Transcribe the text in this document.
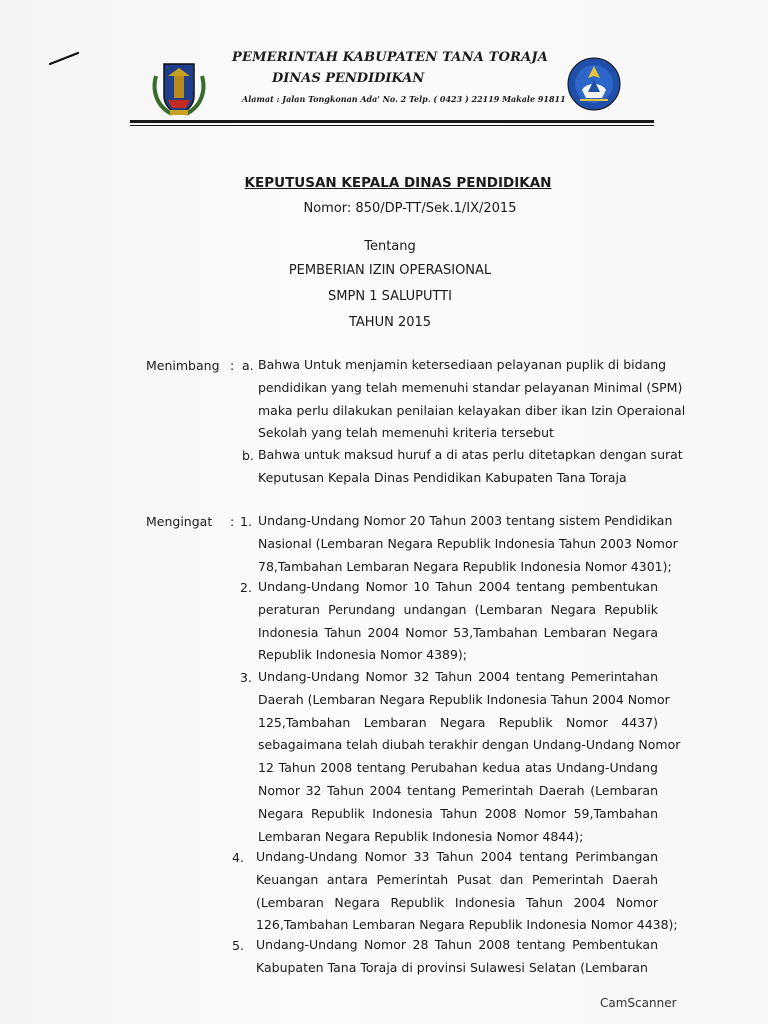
PEMERINTAH KABUPATEN TANA TORAJA
DINAS PENDIDIKAN
Alamat : Jalan Tongkonan Ada' No. 2 Telp. ( 0423 ) 22119 Makale 91811
KEPUTUSAN KEPALA DINAS PENDIDIKAN
Nomor: 850/DP-TT/Sek.1/IX/2015
Tentang
PEMBERIAN IZIN OPERASIONAL
SMPN 1 SALUPUTTI
TAHUN 2015
Menimbang : a. Bahwa Untuk menjamin ketersediaan pelayanan puplik di bidang
pendidikan yang telah memenuhi standar pelayanan Minimal (SPM)
maka perlu dilakukan penilaian kelayakan diber ikan Izin Operaional
Sekolah yang telah memenuhi kriteria tersebut
b. Bahwa untuk maksud huruf a di atas perlu ditetapkan dengan surat
Keputusan Kepala Dinas Pendidikan Kabupaten Tana Toraja
Mengingat : 1. Undang-Undang Nomor 20 Tahun 2003 tentang sistem Pendidikan
Nasional (Lembaran Negara Republik Indonesia Tahun 2003 Nomor
78,Tambahan Lembaran Negara Republik Indonesia Nomor 4301);
2. Undang-Undang Nomor 10 Tahun 2004 tentang pembentukan
peraturan Perundang undangan (Lembaran Negara Republik
Indonesia Tahun 2004 Nomor 53,Tambahan Lembaran Negara
Republik Indonesia Nomor 4389);
3. Undang-Undang Nomor 32 Tahun 2004 tentang Pemerintahan
Daerah (Lembaran Negara Republik Indonesia Tahun 2004 Nomor
125,Tambahan Lembaran Negara Republik Nomor 4437)
sebagaimana telah diubah terakhir dengan Undang-Undang Nomor
12 Tahun 2008 tentang Perubahan kedua atas Undang-Undang
Nomor 32 Tahun 2004 tentang Pemerintah Daerah (Lembaran
Negara Republik Indonesia Tahun 2008 Nomor 59,Tambahan
Lembaran Negara Republik Indonesia Nomor 4844);
4. Undang-Undang Nomor 33 Tahun 2004 tentang Perimbangan
Keuangan antara Pemerintah Pusat dan Pemerintah Daerah
(Lembaran Negara Republik Indonesia Tahun 2004 Nomor
126,Tambahan Lembaran Negara Republik Indonesia Nomor 4438);
5. Undang-Undang Nomor 28 Tahun 2008 tentang Pembentukan
Kabupaten Tana Toraja di provinsi Sulawesi Selatan (Lembaran
CamScanner
